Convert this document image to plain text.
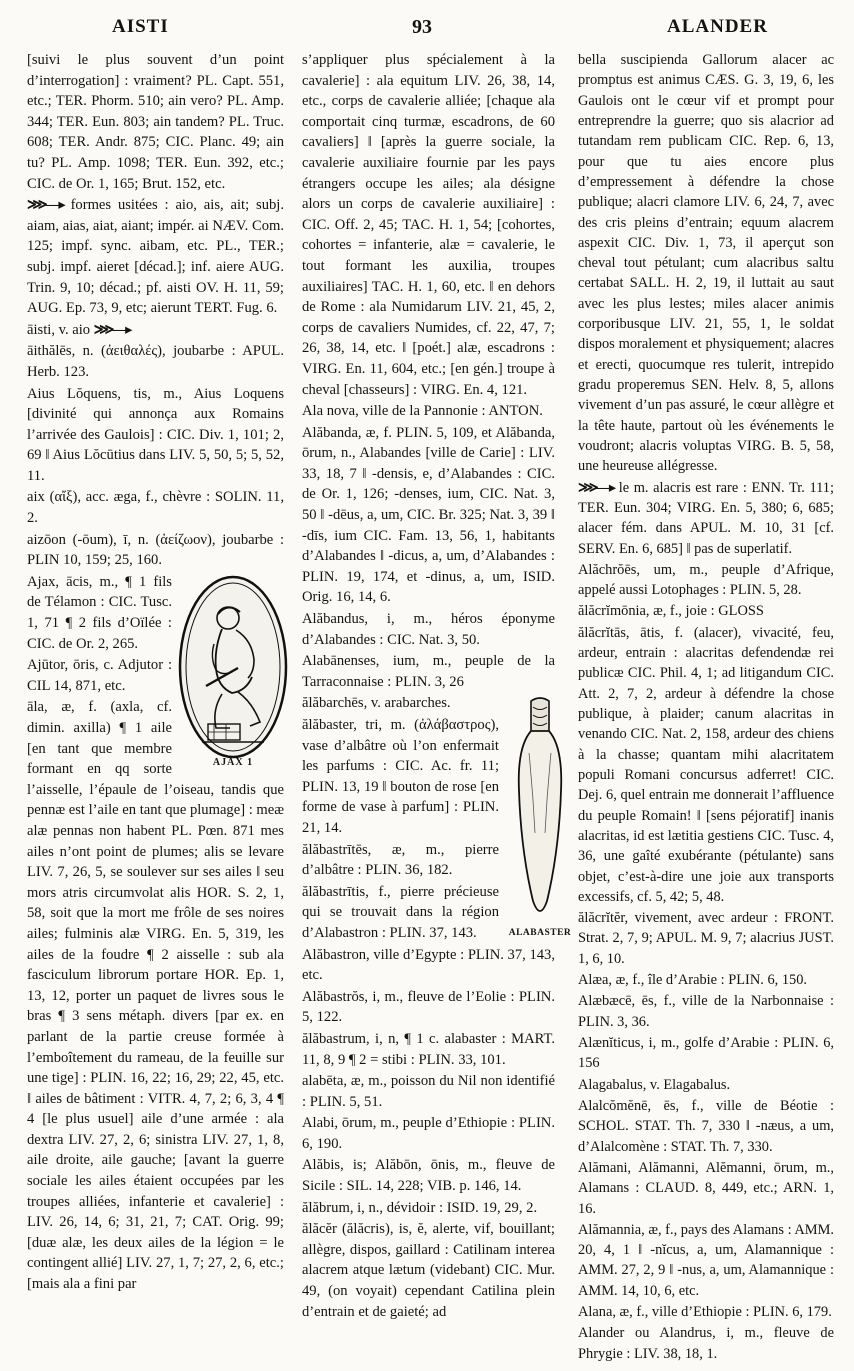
AISTI	93	ALANDER

[suivi le plus souvent d’un point d’interrogation] : vraiment? PL. Capt. 551, etc.; TER. Phorm. 510; ain vero? PL. Amp. 344; TER. Eun. 803; ain tandem? PL. Truc. 608; TER. Andr. 875; CIC. Planc. 49; ain tu? PL. Amp. 1098; TER. Eun. 392, etc.; CIC. de Or. 1, 165; Brut. 152, etc.

⋙—▸ formes usitées : aio, ais, ait; subj. aiam, aias, aiat, aiant; impér. ai NÆV. Com. 125; impf. sync. aibam, etc. PL., TER.; subj. impf. aieret [décad.]; inf. aiere AUG. Trin. 9, 10; décad.; pf. aisti OV. H. 11, 59; AUG. Ep. 73, 9, etc; aierunt TERT. Fug. 6.

āisti, v. aio ⋙—▸

āithălēs, n. (ἀειθαλές), joubarbe : APUL. Herb. 123.

Aius Lŏquens, tis, m., Aius Loquens [divinité qui annonça aux Romains l’arrivée des Gaulois] : CIC. Div. 1, 101; 2, 69 ‖ Aius Lŏcūtius dans LIV. 5, 50, 5; 5, 52, 11.

aix (αἴξ), acc. æga, f., chèvre : SOLIN. 11, 2.

aizōon (-ōum), ī, n. (ἀείζωον), joubarbe : PLIN 10, 159; 25, 160.

AJAX 1

Ajax, ācis, m., ¶ 1 fils de Télamon : CIC. Tusc. 1, 71 ¶ 2 fils d’Oïlée : CIC. de Or. 2, 265.

Ajūtor, ōris, c. Adjutor : CIL 14, 871, etc.

āla, æ, f. (axla, cf. dimin. axilla) ¶ 1 aile [en tant que membre formant en qq sorte l’aisselle, l’épaule de l’oiseau, tandis que pennæ est l’aile en tant que plumage] : meæ alæ pennas non habent PL. Pœn. 871 mes ailes n’ont point de plumes; alis se levare LIV. 7, 26, 5, se soulever sur ses ailes ‖ seu mors atris circumvolat alis HOR. S. 2, 1, 58, soit que la mort me frôle de ses noires ailes; fulminis alæ VIRG. En. 5, 319, les ailes de la foudre ¶ 2 aisselle : sub ala fasciculum librorum portare HOR. Ep. 1, 13, 12, porter un paquet de livres sous le bras ¶ 3 sens métaph. divers [par ex. en parlant de la partie creuse formée à l’emboîtement du rameau, de la feuille sur une tige] : PLIN. 16, 22; 16, 29; 22, 45, etc. ‖ ailes de bâtiment : VITR. 4, 7, 2; 6, 3, 4 ¶ 4 [le plus usuel] aile d’une armée : ala dextra LIV. 27, 2, 6; sinistra LIV. 27, 1, 8, aile droite, aile gauche; [avant la guerre sociale les ailes étaient occupées par les troupes alliées, infanterie et cavalerie] : LIV. 26, 14, 6; 31, 21, 7; CAT. Orig. 99; [duæ alæ, les deux ailes de la légion = le contingent allié] LIV. 27, 1, 7; 27, 2, 6, etc.; [mais ala a fini par

s’appliquer plus spécialement à la cavalerie] : ala equitum LIV. 26, 38, 14, etc., corps de cavalerie alliée; [chaque ala comportait cinq turmæ, escadrons, de 60 cavaliers] ‖ [après la guerre sociale, la cavalerie auxiliaire fournie par les pays étrangers occupe les ailes; ala désigne alors un corps de cavalerie auxiliaire] : CIC. Off. 2, 45; TAC. H. 1, 54; [cohortes, cohortes = infanterie, alæ = cavalerie, le tout formant les auxilia, troupes auxiliaires] TAC. H. 1, 60, etc. ‖ en dehors de Rome : ala Numidarum LIV. 21, 45, 2, corps de cavaliers Numides, cf. 22, 47, 7; 26, 38, 14, etc. ‖ [poét.] alæ, escadrons : VIRG. En. 11, 604, etc.; [en gén.] troupe à cheval [chasseurs] : VIRG. En. 4, 121.

Ala nova, ville de la Pannonie : ANTON.

Alăbanda, æ, f. PLIN. 5, 109, et Alăbanda, ōrum, n., Alabandes [ville de Carie] : LIV. 33, 18, 7 ‖ -densis, e, d’Alabandes : CIC. de Or. 1, 126; -denses, ium, CIC. Nat. 3, 50 ‖ -dēus, a, um, CIC. Br. 325; Nat. 3, 39 ‖ -dīs, ium CIC. Fam. 13, 56, 1, habitants d’Alabandes ‖ -dicus, a, um, d’Alabandes : PLIN. 19, 174, et -dinus, a, um, ISID. Orig. 16, 14, 6.

Alăbandus, i, m., héros éponyme d’Alabandes : CIC. Nat. 3, 50.

Alabānenses, ium, m., peuple de la Tarraconnaise : PLIN. 3, 26

ALABASTER

ălăbarchēs, v. arabarches.

ălăbaster, tri, m. (ἀλάβαστρος), vase d’albâtre où l’on enfermait les parfums : CIC. Ac. fr. 11; PLIN. 13, 19 ‖ bouton de rose [en forme de vase à parfum] : PLIN. 21, 14.

ălăbastrītēs, æ, m., pierre d’albâtre : PLIN. 36, 182.

ălăbastrītis, f., pierre précieuse qui se trouvait dans la région d’Alabastron : PLIN. 37, 143.

Alăbastron, ville d’Egypte : PLIN. 37, 143, etc.

Alăbastrŏs, i, m., fleuve de l’Eolie : PLIN. 5, 122.

ălăbastrum, i, n, ¶ 1 c. alabaster : MART. 11, 8, 9 ¶ 2 = stibi : PLIN. 33, 101.

alabēta, æ, m., poisson du Nil non identifié : PLIN. 5, 51.

Alabi, ōrum, m., peuple d’Ethiopie : PLIN. 6, 190.

Alăbis, is; Alăbōn, ōnis, m., fleuve de Sicile : SIL. 14, 228; VIB. p. 146, 14.

ălăbrum, i, n., dévidoir : ISID. 19, 29, 2.

ălăcĕr (ălăcris), is, ĕ, alerte, vif, bouillant; allègre, dispos, gaillard : Catilinam interea alacrem atque lætum (videbant) CIC. Mur. 49, (on voyait) cependant Catilina plein d’entrain et de gaieté; ad

bella suscipienda Gallorum alacer ac promptus est animus CÆS. G. 3, 19, 6, les Gaulois ont le cœur vif et prompt pour entreprendre la guerre; quo sis alacrior ad tutandam rem publicam CIC. Rep. 6, 13, pour que tu aies encore plus d’empressement à défendre la chose publique; alacri clamore LIV. 6, 24, 7, avec des cris pleins d’entrain; equum alacrem aspexit CIC. Div. 1, 73, il aperçut son cheval tout pétulant; cum alacribus saltu certabat SALL. H. 2, 19, il luttait au saut avec les plus lestes; miles alacer animis corporibusque LIV. 21, 55, 1, le soldat dispos moralement et physiquement; alacres et erecti, quocumque res tulerit, intrepido gradu properemus SEN. Helv. 8, 5, allons vivement d’un pas assuré, le cœur allègre et la tête haute, partout où les événements le voudront; alacris voluptas VIRG. B. 5, 58, une heureuse allégresse.

⋙—▸ le m. alacris est rare : ENN. Tr. 111; TER. Eun. 304; VIRG. En. 5, 380; 6, 685; alacer fém. dans APUL. M. 10, 31 [cf. SERV. En. 6, 685] ‖ pas de superlatif.

Alăchrŏēs, um, m., peuple d’Afrique, appelé aussi Lotophages : PLIN. 5, 28.

ălăcrĭmōnia, æ, f., joie : GLOSS

ălăcrĭtās, ātis, f. (alacer), vivacité, feu, ardeur, entrain : alacritas defendendæ rei publicæ CIC. Phil. 4, 1; ad litigandum CIC. Att. 2, 7, 2, ardeur à défendre la chose publique, à plaider; canum alacritas in venando CIC. Nat. 2, 158, ardeur des chiens à la chasse; quantam mihi alacritatem populi Romani concursus adferret! CIC. Dej. 6, quel entrain me donnerait l’affluence du peuple Romain! ‖ [sens péjoratif] inanis alacritas, id est lætitia gestiens CIC. Tusc. 4, 36, une gaîté exubérante (pétulante) sans objet, c’est-à-dire une joie aux transports excessifs, cf. 5, 42; 5, 48.

ălăcrĭtĕr, vivement, avec ardeur : FRONT. Strat. 2, 7, 9; APUL. M. 9, 7; alacrius JUST. 1, 6, 10.

Alæa, æ, f., île d’Arabie : PLIN. 6, 150.

Alæbæcē, ēs, f., ville de la Narbonnaise : PLIN. 3, 36.

Alænĭticus, i, m., golfe d’Arabie : PLIN. 6, 156

Alagabalus, v. Elagabalus.

Alalcŏmĕnē, ēs, f., ville de Béotie : SCHOL. STAT. Th. 7, 330 ‖ -næus, a um, d’Alalcomène : STAT. Th. 7, 330.

Alămani, Alămanni, Alĕmanni, ōrum, m., Alamans : CLAUD. 8, 449, etc.; ARN. 1, 16.

Alămannia, æ, f., pays des Alamans : AMM. 20, 4, 1 ‖ -nĭcus, a, um, Alamannique : AMM. 27, 2, 9 ‖ -nus, a, um, Alamannique : AMM. 14, 10, 6, etc.

Alana, æ, f., ville d’Ethiopie : PLIN. 6, 179.

Alander ou Alandrus, i, m., fleuve de Phrygie : LIV. 38, 18, 1.
